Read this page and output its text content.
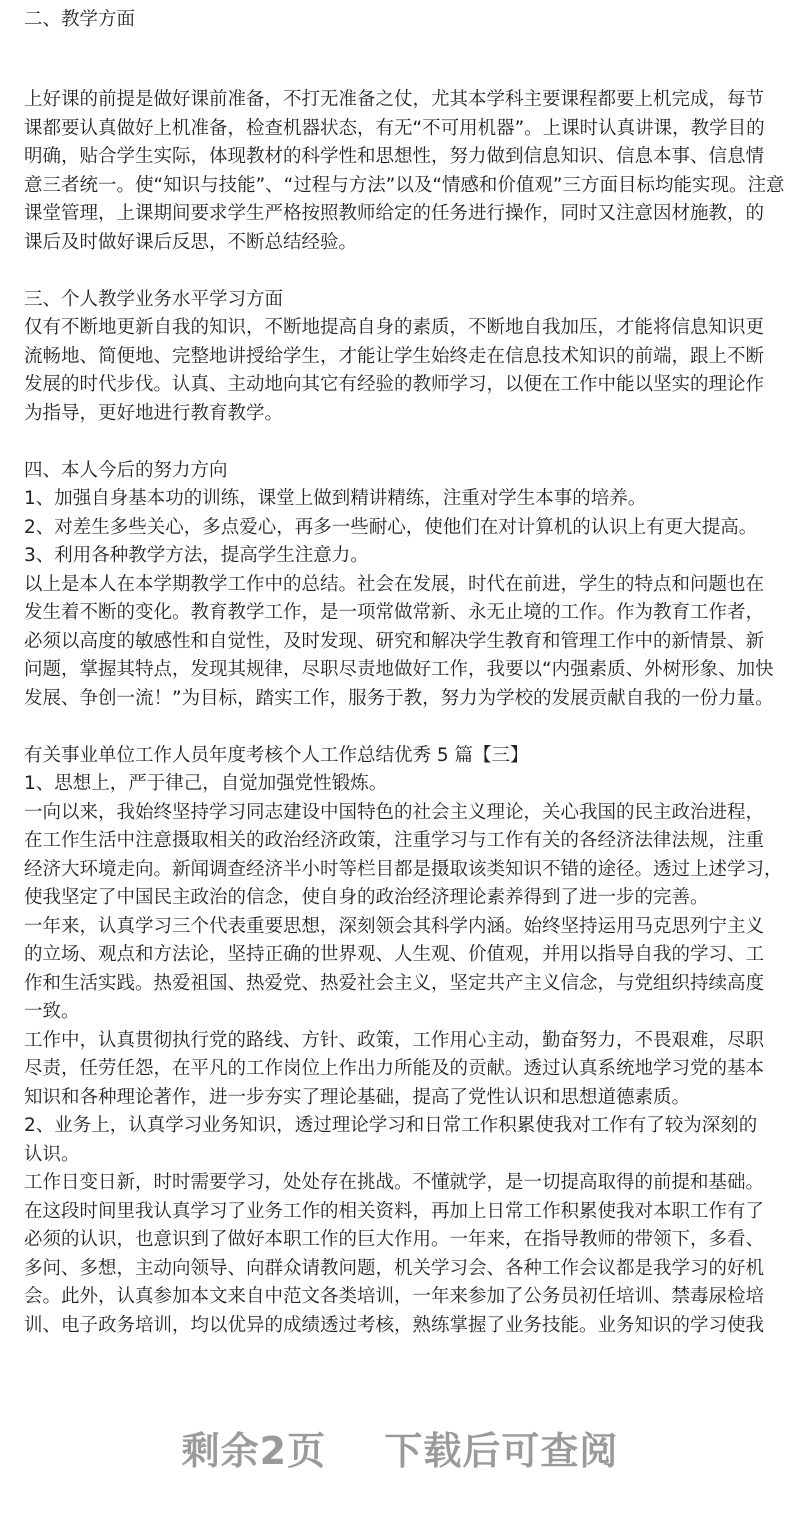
二、教学方面
上好课的前提是做好课前准备，不打无准备之仗，尤其本学科主要课程都要上机完成，每节
课都要认真做好上机准备，检查机器状态，有无“不可用机器”。上课时认真讲课，教学目的
明确，贴合学生实际，体现教材的科学性和思想性，努力做到信息知识、信息本事、信息情
意三者统一。使“知识与技能”、“过程与方法”以及“情感和价值观”三方面目标均能实现。注意
课堂管理，上课期间要求学生严格按照教师给定的任务进行操作，同时又注意因材施教，的
课后及时做好课后反思，不断总结经验。
三、个人教学业务水平学习方面
仅有不断地更新自我的知识，不断地提高自身的素质，不断地自我加压，才能将信息知识更
流畅地、简便地、完整地讲授给学生，才能让学生始终走在信息技术知识的前端，跟上不断
发展的时代步伐。认真、主动地向其它有经验的教师学习，以便在工作中能以坚实的理论作
为指导，更好地进行教育教学。
四、本人今后的努力方向
1、加强自身基本功的训练，课堂上做到精讲精练，注重对学生本事的培养。
2、对差生多些关心，多点爱心，再多一些耐心，使他们在对计算机的认识上有更大提高。
3、利用各种教学方法，提高学生注意力。
以上是本人在本学期教学工作中的总结。社会在发展，时代在前进，学生的特点和问题也在
发生着不断的变化。教育教学工作，是一项常做常新、永无止境的工作。作为教育工作者，
必须以高度的敏感性和自觉性，及时发现、研究和解决学生教育和管理工作中的新情景、新
问题，掌握其特点，发现其规律，尽职尽责地做好工作，我要以“内强素质、外树形象、加快
发展、争创一流！”为目标，踏实工作，服务于教，努力为学校的发展贡献自我的一份力量。
有关事业单位工作人员年度考核个人工作总结优秀 5 篇【三】
1、思想上，严于律己，自觉加强党性锻炼。
一向以来，我始终坚持学习同志建设中国特色的社会主义理论，关心我国的民主政治进程，
在工作生活中注意摄取相关的政治经济政策，注重学习与工作有关的各经济法律法规，注重
经济大环境走向。新闻调查经济半小时等栏目都是摄取该类知识不错的途径。透过上述学习，
使我坚定了中国民主政治的信念，使自身的政治经济理论素养得到了进一步的完善。
一年来，认真学习三个代表重要思想，深刻领会其科学内涵。始终坚持运用马克思列宁主义
的立场、观点和方法论，坚持正确的世界观、人生观、价值观，并用以指导自我的学习、工
作和生活实践。热爱祖国、热爱党、热爱社会主义，坚定共产主义信念，与党组织持续高度
一致。
工作中，认真贯彻执行党的路线、方针、政策，工作用心主动，勤奋努力，不畏艰难，尽职
尽责，任劳任怨，在平凡的工作岗位上作出力所能及的贡献。透过认真系统地学习党的基本
知识和各种理论著作，进一步夯实了理论基础，提高了党性认识和思想道德素质。
2、业务上，认真学习业务知识，透过理论学习和日常工作积累使我对工作有了较为深刻的
认识。
工作日变日新，时时需要学习，处处存在挑战。不懂就学，是一切提高取得的前提和基础。
在这段时间里我认真学习了业务工作的相关资料，再加上日常工作积累使我对本职工作有了
必须的认识，也意识到了做好本职工作的巨大作用。一年来，在指导教师的带领下，多看、
多问、多想，主动向领导、向群众请教问题，机关学习会、各种工作会议都是我学习的好机
会。此外，认真参加本文来自中范文各类培训，一年来参加了公务员初任培训、禁毒尿检培
训、电子政务培训，均以优异的成绩透过考核，熟练掌握了业务技能。业务知识的学习使我
剩余2页 下载后可查阅
